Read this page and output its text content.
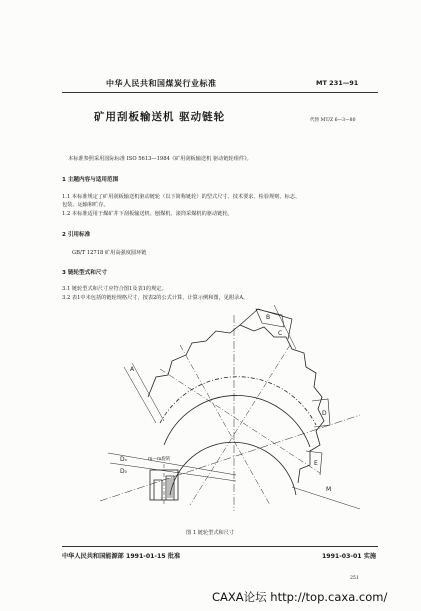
中华人民共和国煤炭行业标准	MT 231—91
矿用刮板输送机 驱动链轮	代替 MT/Z 6—3—80
本标准参照采用国际标准 ISO 5613—1984《矿用刮板输送机 驱动链轮组件》。
1 主题内容与适用范围
1.1 本标准规定了矿用刮板输送机驱动链轮（以下简称链轮）的型式尺寸、技术要求、检验规则、标志、
包装、运输和贮存。
1.2 本标准适用于煤矿井下刮板输送机、刨煤机、滚筒采煤机的驱动链轮。
2 引用标准
GB/T 12718 矿用高强度圆环链
3 链轮型式和尺寸
3.1 链轮型式和尺寸应符合图1及表1的规定。
3.2 表1中未包括的链轮规格尺寸，按表2的公式计算，计算示例和图，见附录A。
A
Dₙ
D₀
B
C
D
E
M
m—m旋转
图 1 链轮型式和尺寸
中华人民共和国能源部 1991-01-15 批准	1991-03-01 实施
251
CAXA论坛 http://top.caxa.com/
